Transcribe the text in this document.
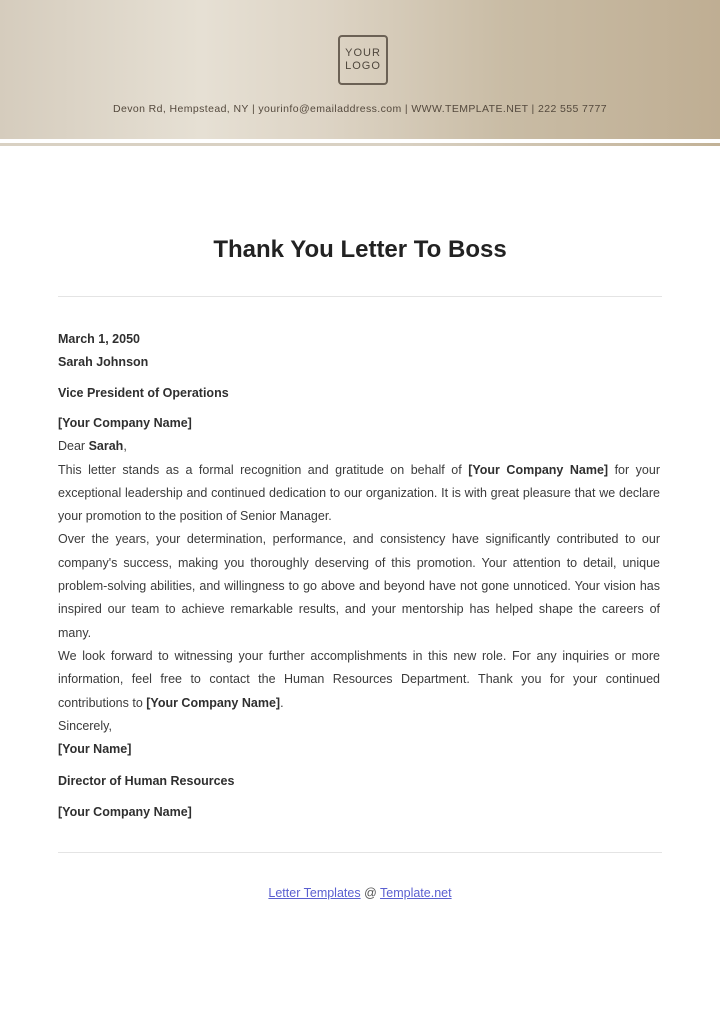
YOUR LOGO
Devon Rd, Hempstead, NY | yourinfo@emailaddress.com | WWW.TEMPLATE.NET | 222 555 7777
Thank You Letter To Boss

March 1, 2050

Sarah Johnson

Vice President of Operations

[Your Company Name]

Dear Sarah,

This letter stands as a formal recognition and gratitude on behalf of [Your Company Name] for your exceptional leadership and continued dedication to our organization. It is with great pleasure that we declare your promotion to the position of Senior Manager.

Over the years, your determination, performance, and consistency have significantly contributed to our company's success, making you thoroughly deserving of this promotion. Your attention to detail, unique problem-solving abilities, and willingness to go above and beyond have not gone unnoticed. Your vision has inspired our team to achieve remarkable results, and your mentorship has helped shape the careers of many.

We look forward to witnessing your further accomplishments in this new role. For any inquiries or more information, feel free to contact the Human Resources Department. Thank you for your continued contributions to [Your Company Name].

Sincerely,

[Your Name]

Director of Human Resources

[Your Company Name]

Letter Templates @ Template.net
